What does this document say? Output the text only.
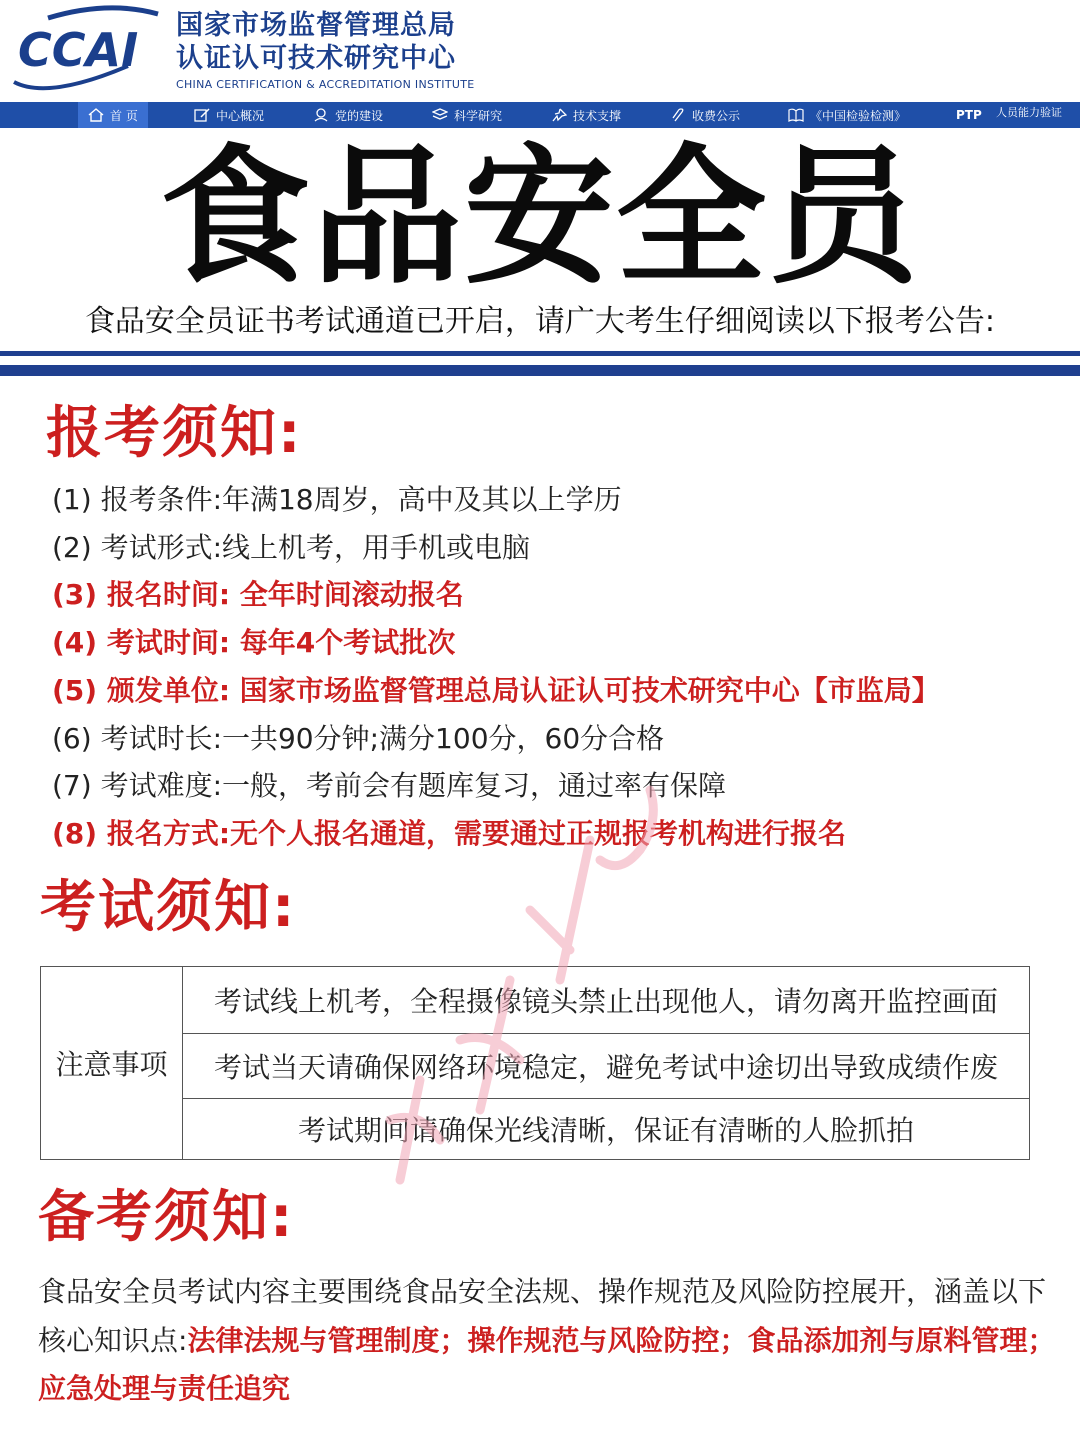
CCAI 国家市场监督管理总局
认证认可技术研究中心
CHINA CERTIFICATION & ACCREDITATION INSTITUTE
首 页	中心概况	党的建设	科学研究	技术支撑	收费公示	《中国检验检测》	PTP 人员能力验证
食品安全员
食品安全员证书考试通道已开启，请广大考生仔细阅读以下报考公告:
报考须知:
(1) 报考条件:年满18周岁，高中及其以上学历
(2) 考试形式:线上机考，用手机或电脑
(3) 报名时间: 全年时间滚动报名
(4) 考试时间: 每年4个考试批次
(5) 颁发单位: 国家市场监督管理总局认证认可技术研究中心【市监局】
(6) 考试时长:一共90分钟;满分100分，60分合格
(7) 考试难度:一般，考前会有题库复习，通过率有保障
(8) 报名方式:无个人报名通道，需要通过正规报考机构进行报名
考试须知:
注意事项
考试线上机考，全程摄像镜头禁止出现他人，请勿离开监控画面
考试当天请确保网络环境稳定，避免考试中途切出导致成绩作废
考试期间请确保光线清晰，保证有清晰的人脸抓拍
备考须知:
食品安全员考试内容主要围绕食品安全法规、操作规范及风险防控展开，涵盖以下核心知识点:法律法规与管理制度；操作规范与风险防控；食品添加剂与原料管理；应急处理与责任追究
